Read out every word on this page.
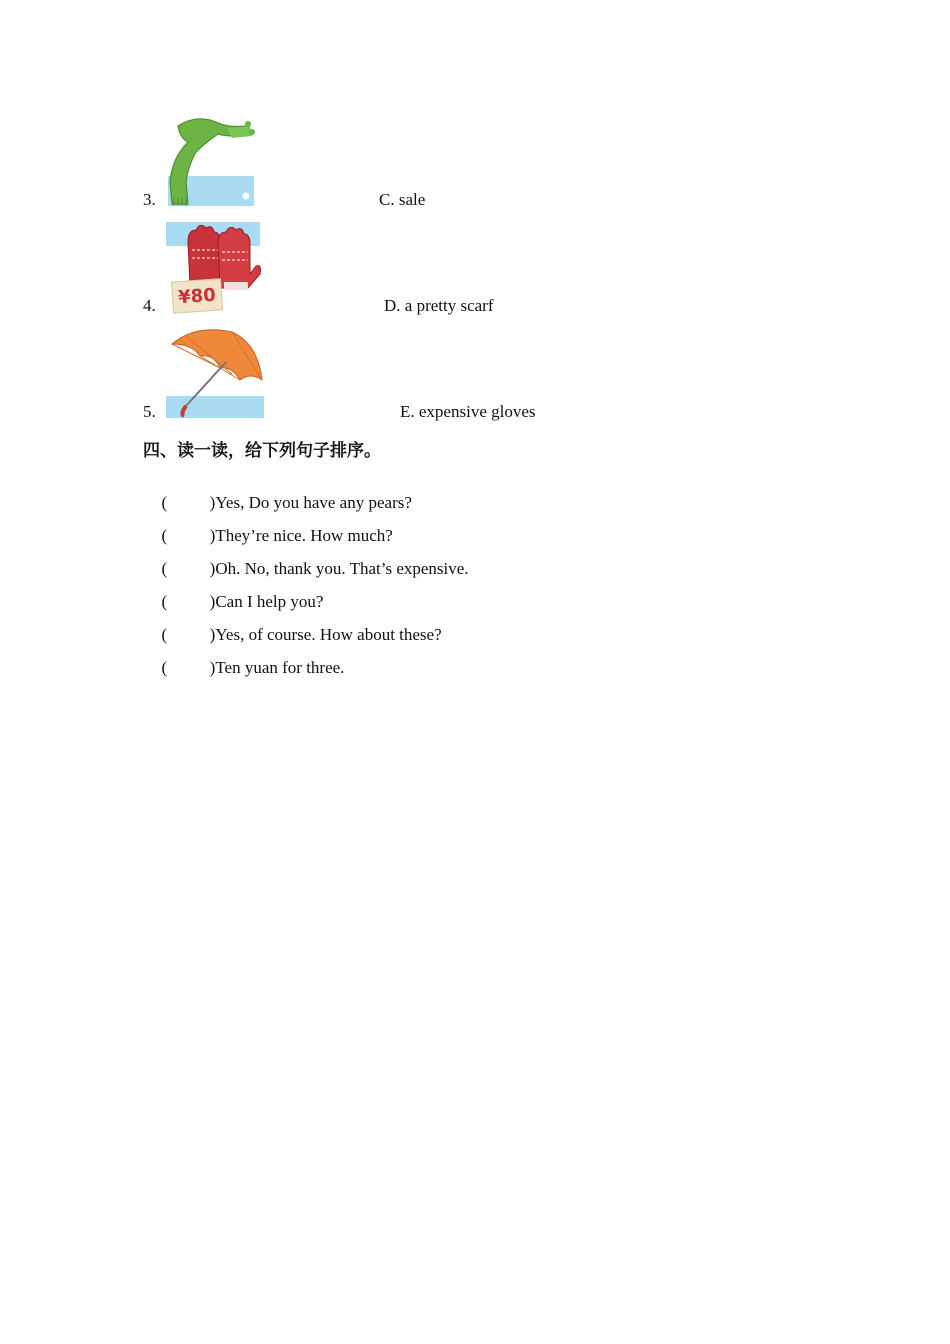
3.	C. sale
¥80
4.	D. a pretty scarf
5.	E. expensive gloves
四、读一读，给下列句子排序。

(          )Yes, Do you have any pears?

(          )They’re nice. How much?

(          )Oh. No, thank you. That’s expensive.

(          )Can I help you?

(          )Yes, of course. How about these?

(          )Ten yuan for three.
